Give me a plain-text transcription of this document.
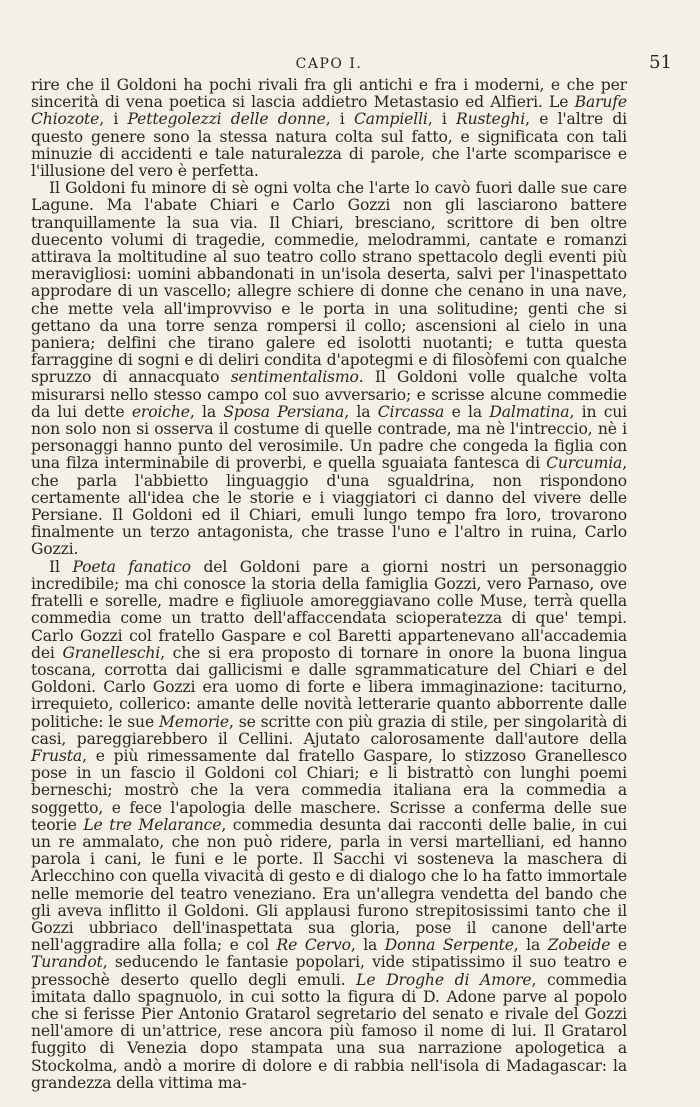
CAPO I.	51

rire che il Goldoni ha pochi rivali fra gli antichi e fra i moderni, e che per sincerità di vena poetica si lascia addietro Metastasio ed Alfieri. Le Barufe Chiozote, i Pettegolezzi delle donne, i Campielli, i Rusteghi, e l'altre di questo genere sono la stessa natura colta sul fatto, e significata con tali minuzie di accidenti e tale naturalezza di parole, che l'arte scomparisce e l'illusione del vero è perfetta.

Il Goldoni fu minore di sè ogni volta che l'arte lo cavò fuori dalle sue care Lagune. Ma l'abate Chiari e Carlo Gozzi non gli lasciarono battere tranquillamente la sua via. Il Chiari, bresciano, scrittore di ben oltre duecento volumi di tragedie, commedie, melodrammi, cantate e romanzi attirava la moltitudine al suo teatro collo strano spettacolo degli eventi più meravigliosi: uomini abbandonati in un'isola deserta, salvi per l'inaspettato approdare di un vascello; allegre schiere di donne che cenano in una nave, che mette vela all'improvviso e le porta in una solitudine; genti che si gettano da una torre senza rompersi il collo; ascensioni al cielo in una paniera; delfini che tirano galere ed isolotti nuotanti; e tutta questa farraggine di sogni e di deliri condita d'apotegmi e di filosòfemi con qualche spruzzo di annacquato sentimentalismo. Il Goldoni volle qualche volta misurarsi nello stesso campo col suo avversario; e scrisse alcune commedie da lui dette eroiche, la Sposa Persiana, la Circassa e la Dalmatina, in cui non solo non si osserva il costume di quelle contrade, ma nè l'intreccio, nè i personaggi hanno punto del verosimile. Un padre che congeda la figlia con una filza interminabile di proverbi, e quella sguaiata fantesca di Curcumia, che parla l'abbietto linguaggio d'una sgualdrina, non rispondono certamente all'idea che le storie e i viaggiatori ci danno del vivere delle Persiane. Il Goldoni ed il Chiari, emuli lungo tempo fra loro, trovarono finalmente un terzo antagonista, che trasse l'uno e l'altro in ruina, Carlo Gozzi.

Il Poeta fanatico del Goldoni pare a giorni nostri un personaggio incredibile; ma chi conosce la storia della famiglia Gozzi, vero Parnaso, ove fratelli e sorelle, madre e figliuole amoreggiavano colle Muse, terrà quella commedia come un tratto dell'affaccendata scioperatezza di que' tempi. Carlo Gozzi col fratello Gaspare e col Baretti appartenevano all'accademia dei Granelleschi, che si era proposto di tornare in onore la buona lingua toscana, corrotta dai gallicismi e dalle sgrammaticature del Chiari e del Goldoni. Carlo Gozzi era uomo di forte e libera immaginazione: taciturno, irrequieto, collerico: amante delle novità letterarie quanto abborrente dalle politiche: le sue Memorie, se scritte con più grazia di stile, per singolarità di casi, pareggiarebbero il Cellini. Ajutato calorosamente dall'autore della Frusta, e più rimessamente dal fratello Gaspare, lo stizzoso Granellesco pose in un fascio il Goldoni col Chiari; e li bistrattò con lunghi poemi berneschi; mostrò che la vera commedia italiana era la commedia a soggetto, e fece l'apologia delle maschere. Scrisse a conferma delle sue teorie Le tre Melarance, commedia desunta dai racconti delle balie, in cui un re ammalato, che non può ridere, parla in versi martelliani, ed hanno parola i cani, le funi e le porte. Il Sacchi vi sosteneva la maschera di Arlecchino con quella vivacità di gesto e di dialogo che lo ha fatto immortale nelle memorie del teatro veneziano. Era un'allegra vendetta del bando che gli aveva inflitto il Goldoni. Gli applausi furono strepitosissimi tanto che il Gozzi ubbriaco dell'inaspettata sua gloria, pose il canone dell'arte nell'aggradire alla folla; e col Re Cervo, la Donna Serpente, la Zobeide e Turandot, seducendo le fantasie popolari, vide stipatissimo il suo teatro e pressochè deserto quello degli emuli. Le Droghe di Amore, commedia imitata dallo spagnuolo, in cui sotto la figura di D. Adone parve al popolo che si ferisse Pier Antonio Gratarol segretario del senato e rivale del Gozzi nell'amore di un'attrice, rese ancora più famoso il nome di lui. Il Gratarol fuggito di Venezia dopo stampata una sua narrazione apologetica a Stockolma, andò a morire di dolore e di rabbia nell'isola di Madagascar: la grandezza della vittima ma-
